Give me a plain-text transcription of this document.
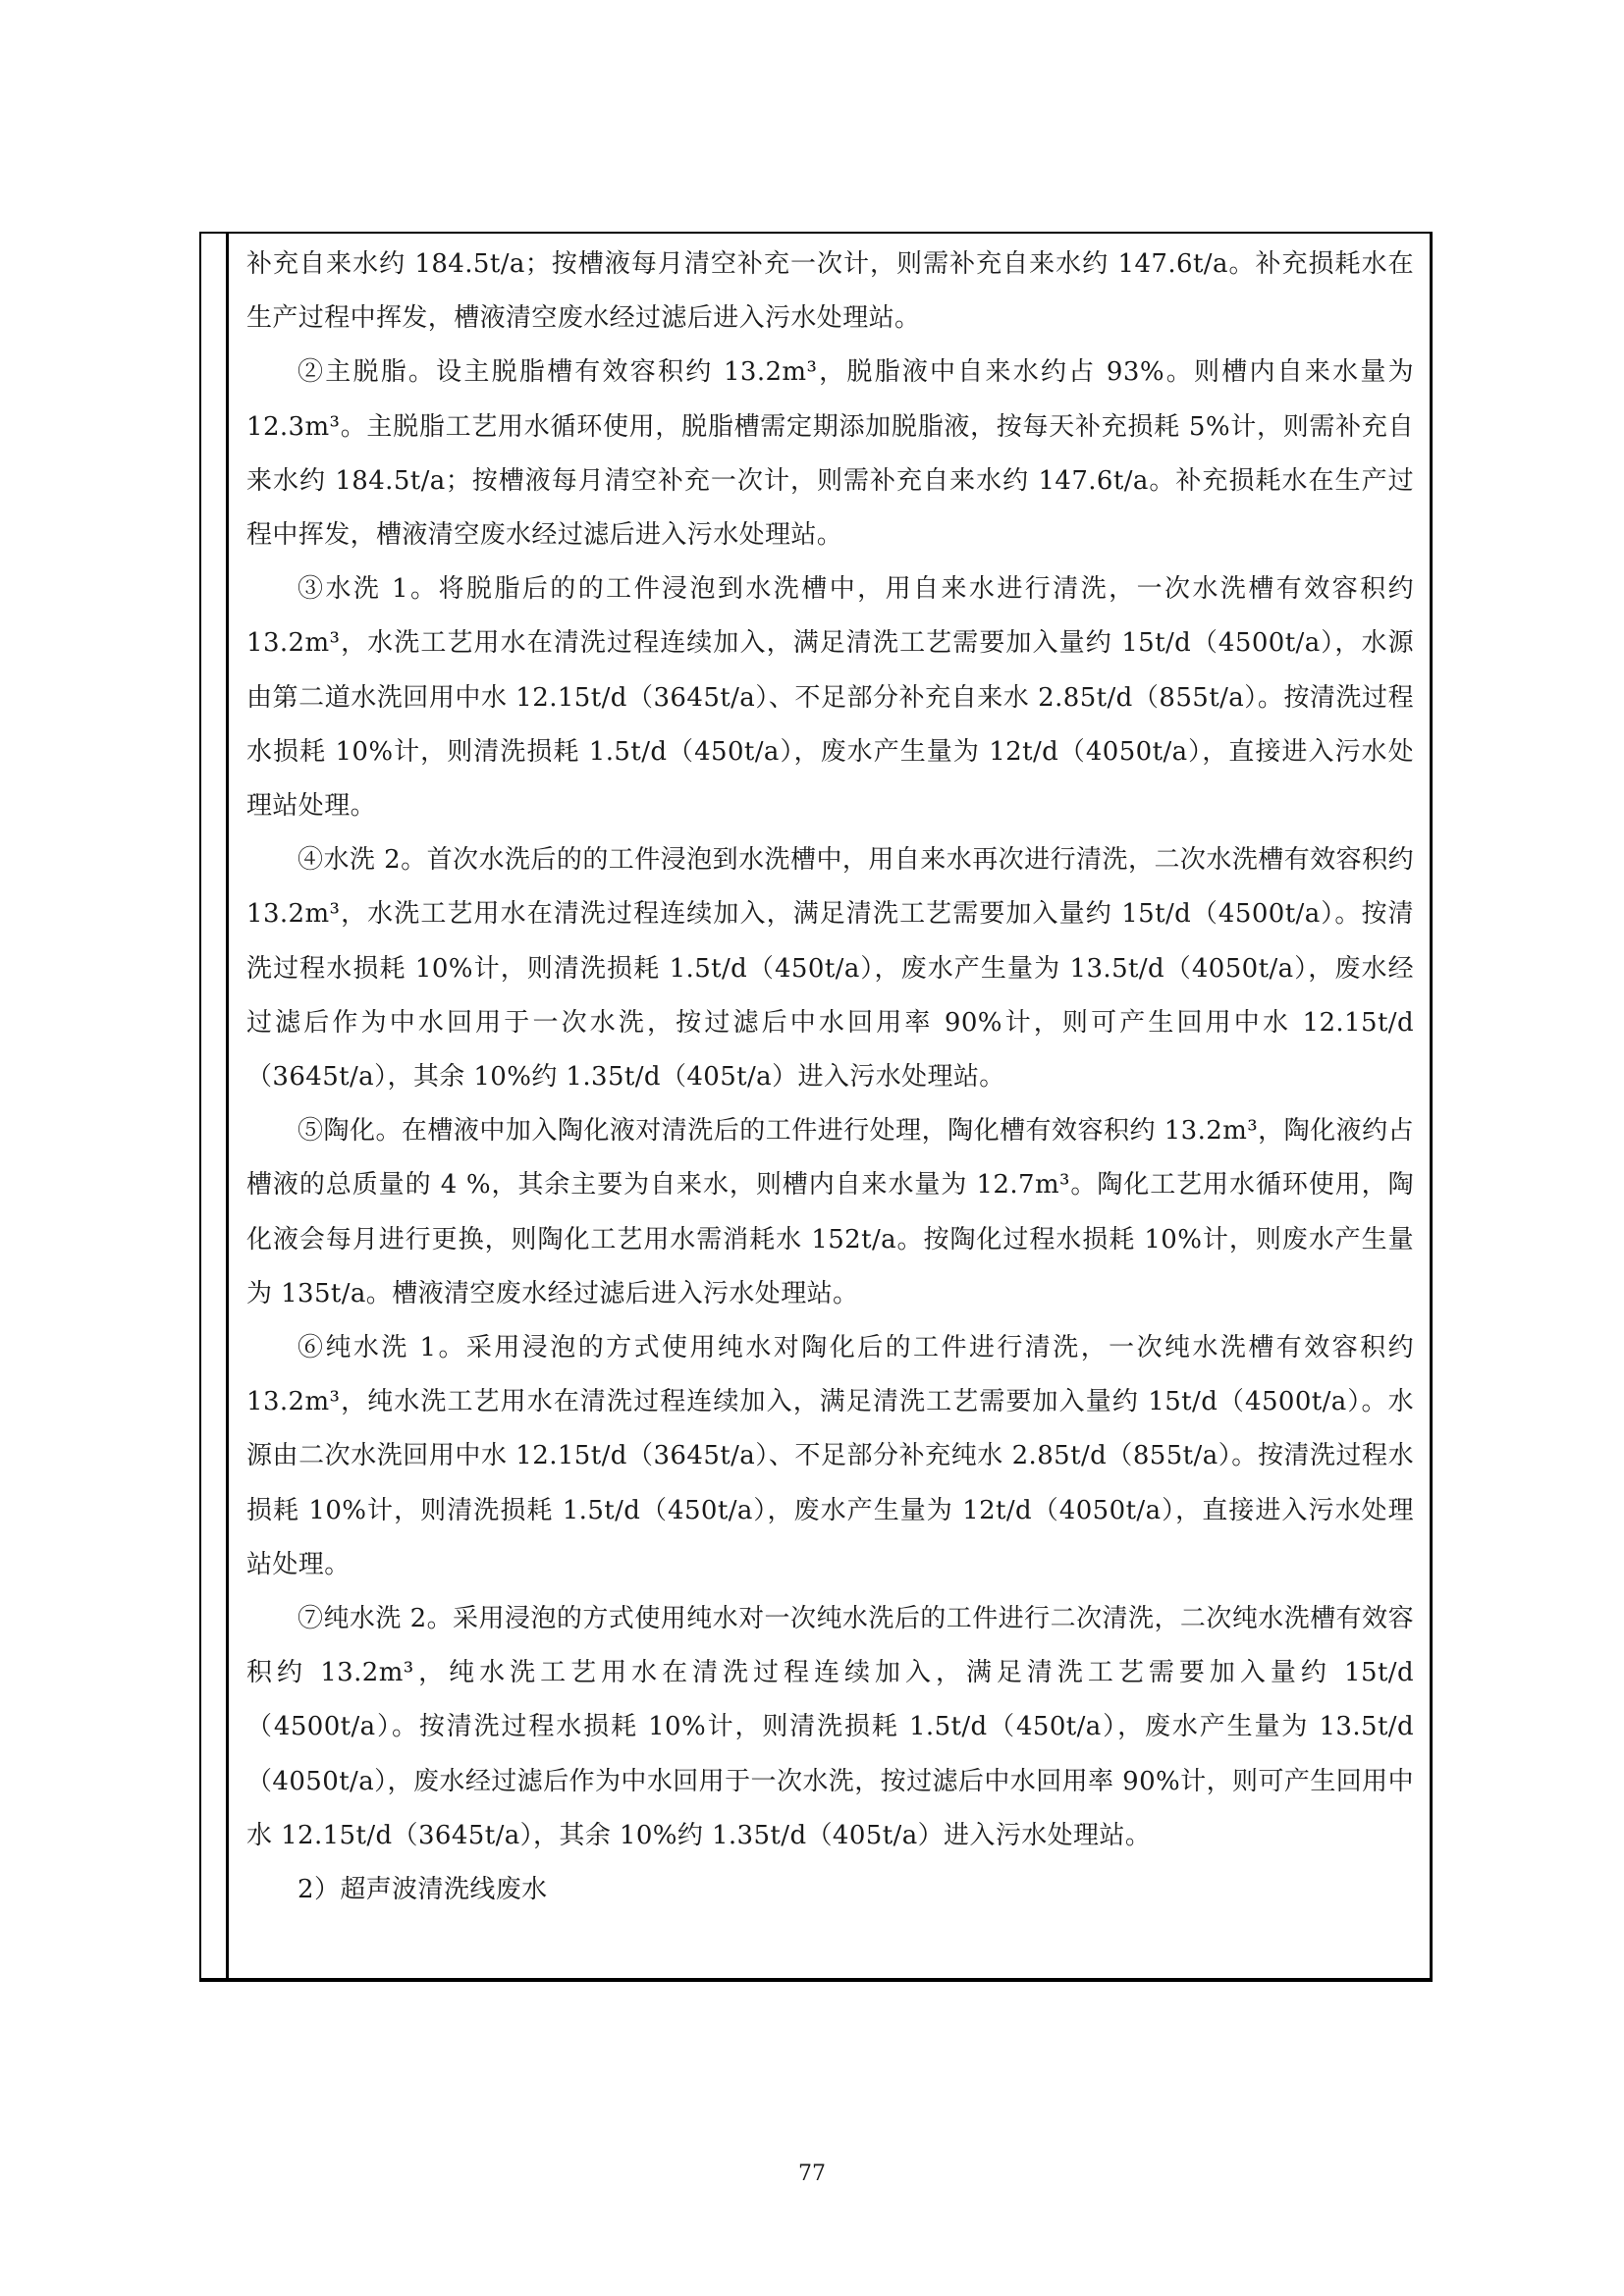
补充自来水约 184.5t/a；按槽液每月清空补充一次计，则需补充自来水约 147.6t/a。补充损耗水在生产过程中挥发，槽液清空废水经过滤后进入污水处理站。

②主脱脂。设主脱脂槽有效容积约 13.2m³，脱脂液中自来水约占 93%。则槽内自来水量为 12.3m³。主脱脂工艺用水循环使用，脱脂槽需定期添加脱脂液，按每天补充损耗 5%计，则需补充自来水约 184.5t/a；按槽液每月清空补充一次计，则需补充自来水约 147.6t/a。补充损耗水在生产过程中挥发，槽液清空废水经过滤后进入污水处理站。

③水洗 1。将脱脂后的的工件浸泡到水洗槽中，用自来水进行清洗，一次水洗槽有效容积约 13.2m³，水洗工艺用水在清洗过程连续加入，满足清洗工艺需要加入量约 15t/d（4500t/a），水源由第二道水洗回用中水 12.15t/d（3645t/a）、不足部分补充自来水 2.85t/d（855t/a）。按清洗过程水损耗 10%计，则清洗损耗 1.5t/d（450t/a），废水产生量为 12t/d（4050t/a），直接进入污水处理站处理。

④水洗 2。首次水洗后的的工件浸泡到水洗槽中，用自来水再次进行清洗，二次水洗槽有效容积约 13.2m³，水洗工艺用水在清洗过程连续加入，满足清洗工艺需要加入量约 15t/d（4500t/a）。按清洗过程水损耗 10%计，则清洗损耗 1.5t/d（450t/a），废水产生量为 13.5t/d（4050t/a），废水经过滤后作为中水回用于一次水洗，按过滤后中水回用率 90%计，则可产生回用中水 12.15t/d（3645t/a），其余 10%约 1.35t/d（405t/a）进入污水处理站。

⑤陶化。在槽液中加入陶化液对清洗后的工件进行处理，陶化槽有效容积约 13.2m³，陶化液约占槽液的总质量的 4 %，其余主要为自来水，则槽内自来水量为 12.7m³。陶化工艺用水循环使用，陶化液会每月进行更换，则陶化工艺用水需消耗水 152t/a。按陶化过程水损耗 10%计，则废水产生量为 135t/a。槽液清空废水经过滤后进入污水处理站。

⑥纯水洗 1。采用浸泡的方式使用纯水对陶化后的工件进行清洗，一次纯水洗槽有效容积约 13.2m³，纯水洗工艺用水在清洗过程连续加入，满足清洗工艺需要加入量约 15t/d（4500t/a）。水源由二次水洗回用中水 12.15t/d（3645t/a）、不足部分补充纯水 2.85t/d（855t/a）。按清洗过程水损耗 10%计，则清洗损耗 1.5t/d（450t/a），废水产生量为 12t/d（4050t/a），直接进入污水处理站处理。

⑦纯水洗 2。采用浸泡的方式使用纯水对一次纯水洗后的工件进行二次清洗，二次纯水洗槽有效容积约 13.2m³，纯水洗工艺用水在清洗过程连续加入，满足清洗工艺需要加入量约 15t/d（4500t/a）。按清洗过程水损耗 10%计，则清洗损耗 1.5t/d（450t/a），废水产生量为 13.5t/d（4050t/a），废水经过滤后作为中水回用于一次水洗，按过滤后中水回用率 90%计，则可产生回用中水 12.15t/d（3645t/a），其余 10%约 1.35t/d（405t/a）进入污水处理站。

2）超声波清洗线废水

77
